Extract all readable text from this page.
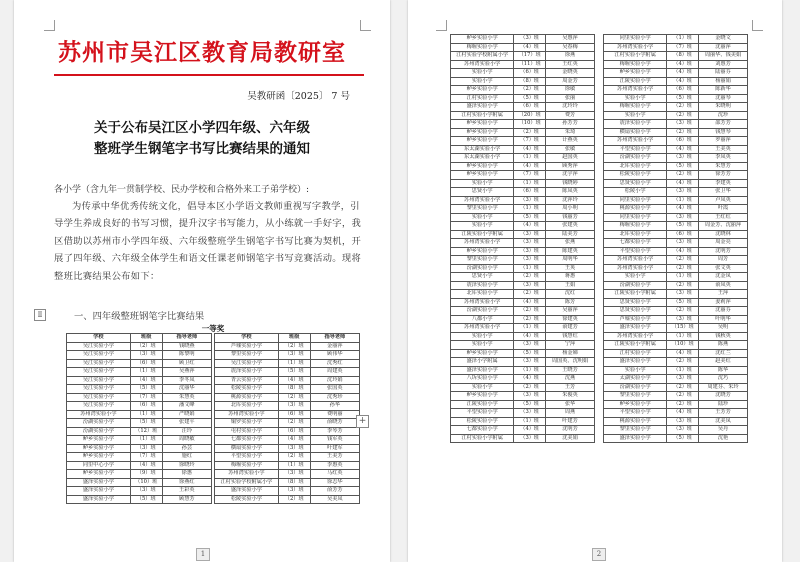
苏州市吴江区教育局教研室
吴教研函〔2025〕 7 号
关于公布吴江区小学四年级、六年级
整班学生钢笔字书写比赛结果的通知
各小学（含九年一贯制学校、民办学校和合格外来工子弟学校）:
为传承中华优秀传统文化，倡导本区小学语文教师重视写字教学，引导学生养成良好的书写习惯，提升汉字书写能力，从小练就一手好字，我区借助以苏州市小学四年级、六年级整班学生钢笔字书写比赛为契机，开展了四年级、六年级全体学生和语文任课老师钢笔字书写竞赛活动。现将整班比赛结果公布如下：
Ⅱ	一、四年级整班钢笔字比赛结果
一等奖
学校	班级	指导老师
吴江实验小学	（2）班	钱晓燕
吴江实验小学	（3）班	陈黎明
吴江实验小学	（6）班	顾卫红
吴江实验小学	（1）班	吴燕萍
吴江实验小学	（4）班	李冬凤
吴江实验小学	（5）班	沈丽华
吴江实验小学	（7）班	朱慧英
吴江实验小学	（6）班	潘文峰
苏州湾实验小学	（1）班	严晓娟
汾湖实验小学	（5）班	张建平
汾湖实验小学	（12）班	汪玲
鲈乡实验小学	（1）班	周晓敏
鲈乡实验小学	（3）班	孙芸
鲈乡实验小学	（7）班	施红
同里中心小学	（4）班	徐晓玲
鲈乡实验小学	（9）班	徐惠
盛泽实验小学	（10）班	徐燕红
盛泽实验小学	（3）班	王彩英
盛泽实验小学	（5）班	顾慧芳
学校	班级	指导老师
芦墟实验小学	（2）班	金丽萍
黎里实验小学	（3）班	顾伟华
吴江实验小学	（1）班	沈秀红
震泽实验小学	（5）班	周建英
青云实验小学	（4）班	沈玲娟
松陵实验小学	（8）班	张国英
桃源实验小学	（2）班	沈秀珍
北厍实验小学	（3）班	孙华
苏州湾实验小学	（6）班	费明丽
铜罗实验小学	（2）班	俞晓芳
屯村实验小学	（6）班	李琴芳
七都实验小学	（4）班	钱军英
横扇实验小学	（3）班	叶建军
平望实验小学	（2）班	王美芳
梅堰实验小学	（1）班	李惠英
苏州湾实验小学	（3）班	马红英
江村实验学校附属小学	（8）班	徐志华
盛泽实验小学	（3）班	俞芳芳
松陵实验小学	（2）班	吴美凤
1
+
鲈乡实验小学	（3）班	吴惠萍
梅堰实验小学	（4）班	吴春梅
江村实验学校附属小学	（17）班	徐燕
苏州湾实验小学	（11）班	王红英
实验小学	（6）班	金晓英
实验小学	（8）班	周金芳
鲈乡实验小学	（2）班	徐敏
江村实验小学	（5）班	张丽
盛泽实验小学	（6）班	沈玲玲
江村实验小学附属	（20）班	费芳
鲈乡实验小学	（10）班	孙芳芳
鲈乡实验小学	（2）班	朱琦
鲈乡实验小学	（7）班	计燕英
东太湖实验小学	（4）班	张敏
东太湖实验小学	（1）班	赵国英
鲈乡实验小学	（4）班	顾秀萍
鲈乡实验小学	（7）班	沈宇萍
实验小学	（1）班	钱晓婷
思贤小学	（6）班	陈凤英
苏州湾实验小学	（3）班	沈萍玲
黎里实验小学	（1）班	周小明
实验小学	（5）班	钱丽芳
实验小学	（4）班	张建英
江陵实验小学附属	（3）班	陆美芳
苏州湾实验小学	（3）班	张燕
鲈乡实验小学	（3）班	陈建英
黎里实验小学	（3）班	周明华
汾湖实验小学	（1）班	王英
思贤小学	（2）班	蒋惠
震泽实验小学	（3）班	王娟
北厍实验小学	（2）班	沈红
苏州湾实验小学	（4）班	陈芳
汾湖实验小学	（2）班	吴丽萍
八都小学	（2）班	徐建英
苏州湾实验小学	（1）班	俞建芳
实验小学	（4）班	钱慧红
实验小学	（3）班	宁萍
鲈乡实验小学	（5）班	杨金娣
盛泽小学附属	（3）班	周国英、沈明娟
盛泽实验小学	（1）班	王晓芳
八坼实验小学	（4）班	沈燕
实验小学	（2）班	王芳
鲈乡实验小学	（3）班	朱俊英
江陵实验小学	（5）班	张华
平望实验小学	（3）班	周燕
松陵实验小学	（1）班	叶建芳
七都实验小学	（4）班	沈明芳
江村实验小学附属	（3）班	沈美娟
同里实验小学	（1）班	金晓文
苏州湾实验小学	（7）班	沈丽萍
江村实验小学附属	（8）班	周丽华、钱美娟
梅堰实验小学	（4）班	刘惠芳
鲈乡实验小学	（4）班	陆丽芬
江陵实验小学	（4）班	杨丽娟
苏州湾实验小学	（6）班	陈新华
实验小学	（5）班	沈丽琴
梅堰实验小学	（2）班	朱晓明
实验小学	（2）班	沈珍
震泽实验小学	（3）班	邵芳芳
横扇实验小学	（2）班	钱慧琴
苏州湾实验小学	（6）班	罗丽萍
平望实验小学	（4）班	王美英
汾湖实验小学	（3）班	李凤英
北厍实验小学	（5）班	朱慧芳
松陵实验小学	（2）班	徐芳芳
思贤实验小学	（4）班	李建英
松陵小学	（3）班	张卫华
同里实验小学	（1）班	卢凤英
桃源实验小学	（4）班	叶霞
同里实验小学	（3）班	王红红
梅堰实验小学	（5）班	周金芳、沈丽萍
北厍实验小学	（6）班	沈晓林
七都实验小学	（3）班	周金亮
平望实验小学	（4）班	沈明芳
苏州湾实验小学	（2）班	周芳
苏州湾实验小学	（2）班	张文英
实验小学	（1）班	沈金凤
汾湖实验小学	（2）班	俞凤英
江陵实验小学附属	（3）班	王萍
思贤实验小学	（5）班	姜莉萍
思贤实验小学	（2）班	沈丽芬
芦墟实验小学	（3）班	叶明华
盛泽实验小学	（15）班	吴明
苏州湾实验小学	（1）班	钱秋英
江陵实验小学附属	（10）班	陈燕
江村实验小学	（4）班	沈红兰
盛泽实验小学	（2）班	赵美红
实验小学	（1）班	陈华
太湖实验小学	（3）班	沈巧
汾湖实验小学	（2）班	周建芬、朱玲
黎里实验小学	（2）班	沈晓芳
鲈乡实验小学	（2）班	陆珍
平望实验小学	（4）班	王芳芳
桃源实验小学	（3）班	沈美凤
黎里实验小学	（3）班	吴丹
盛泽实验小学	（5）班	沈艳
2
